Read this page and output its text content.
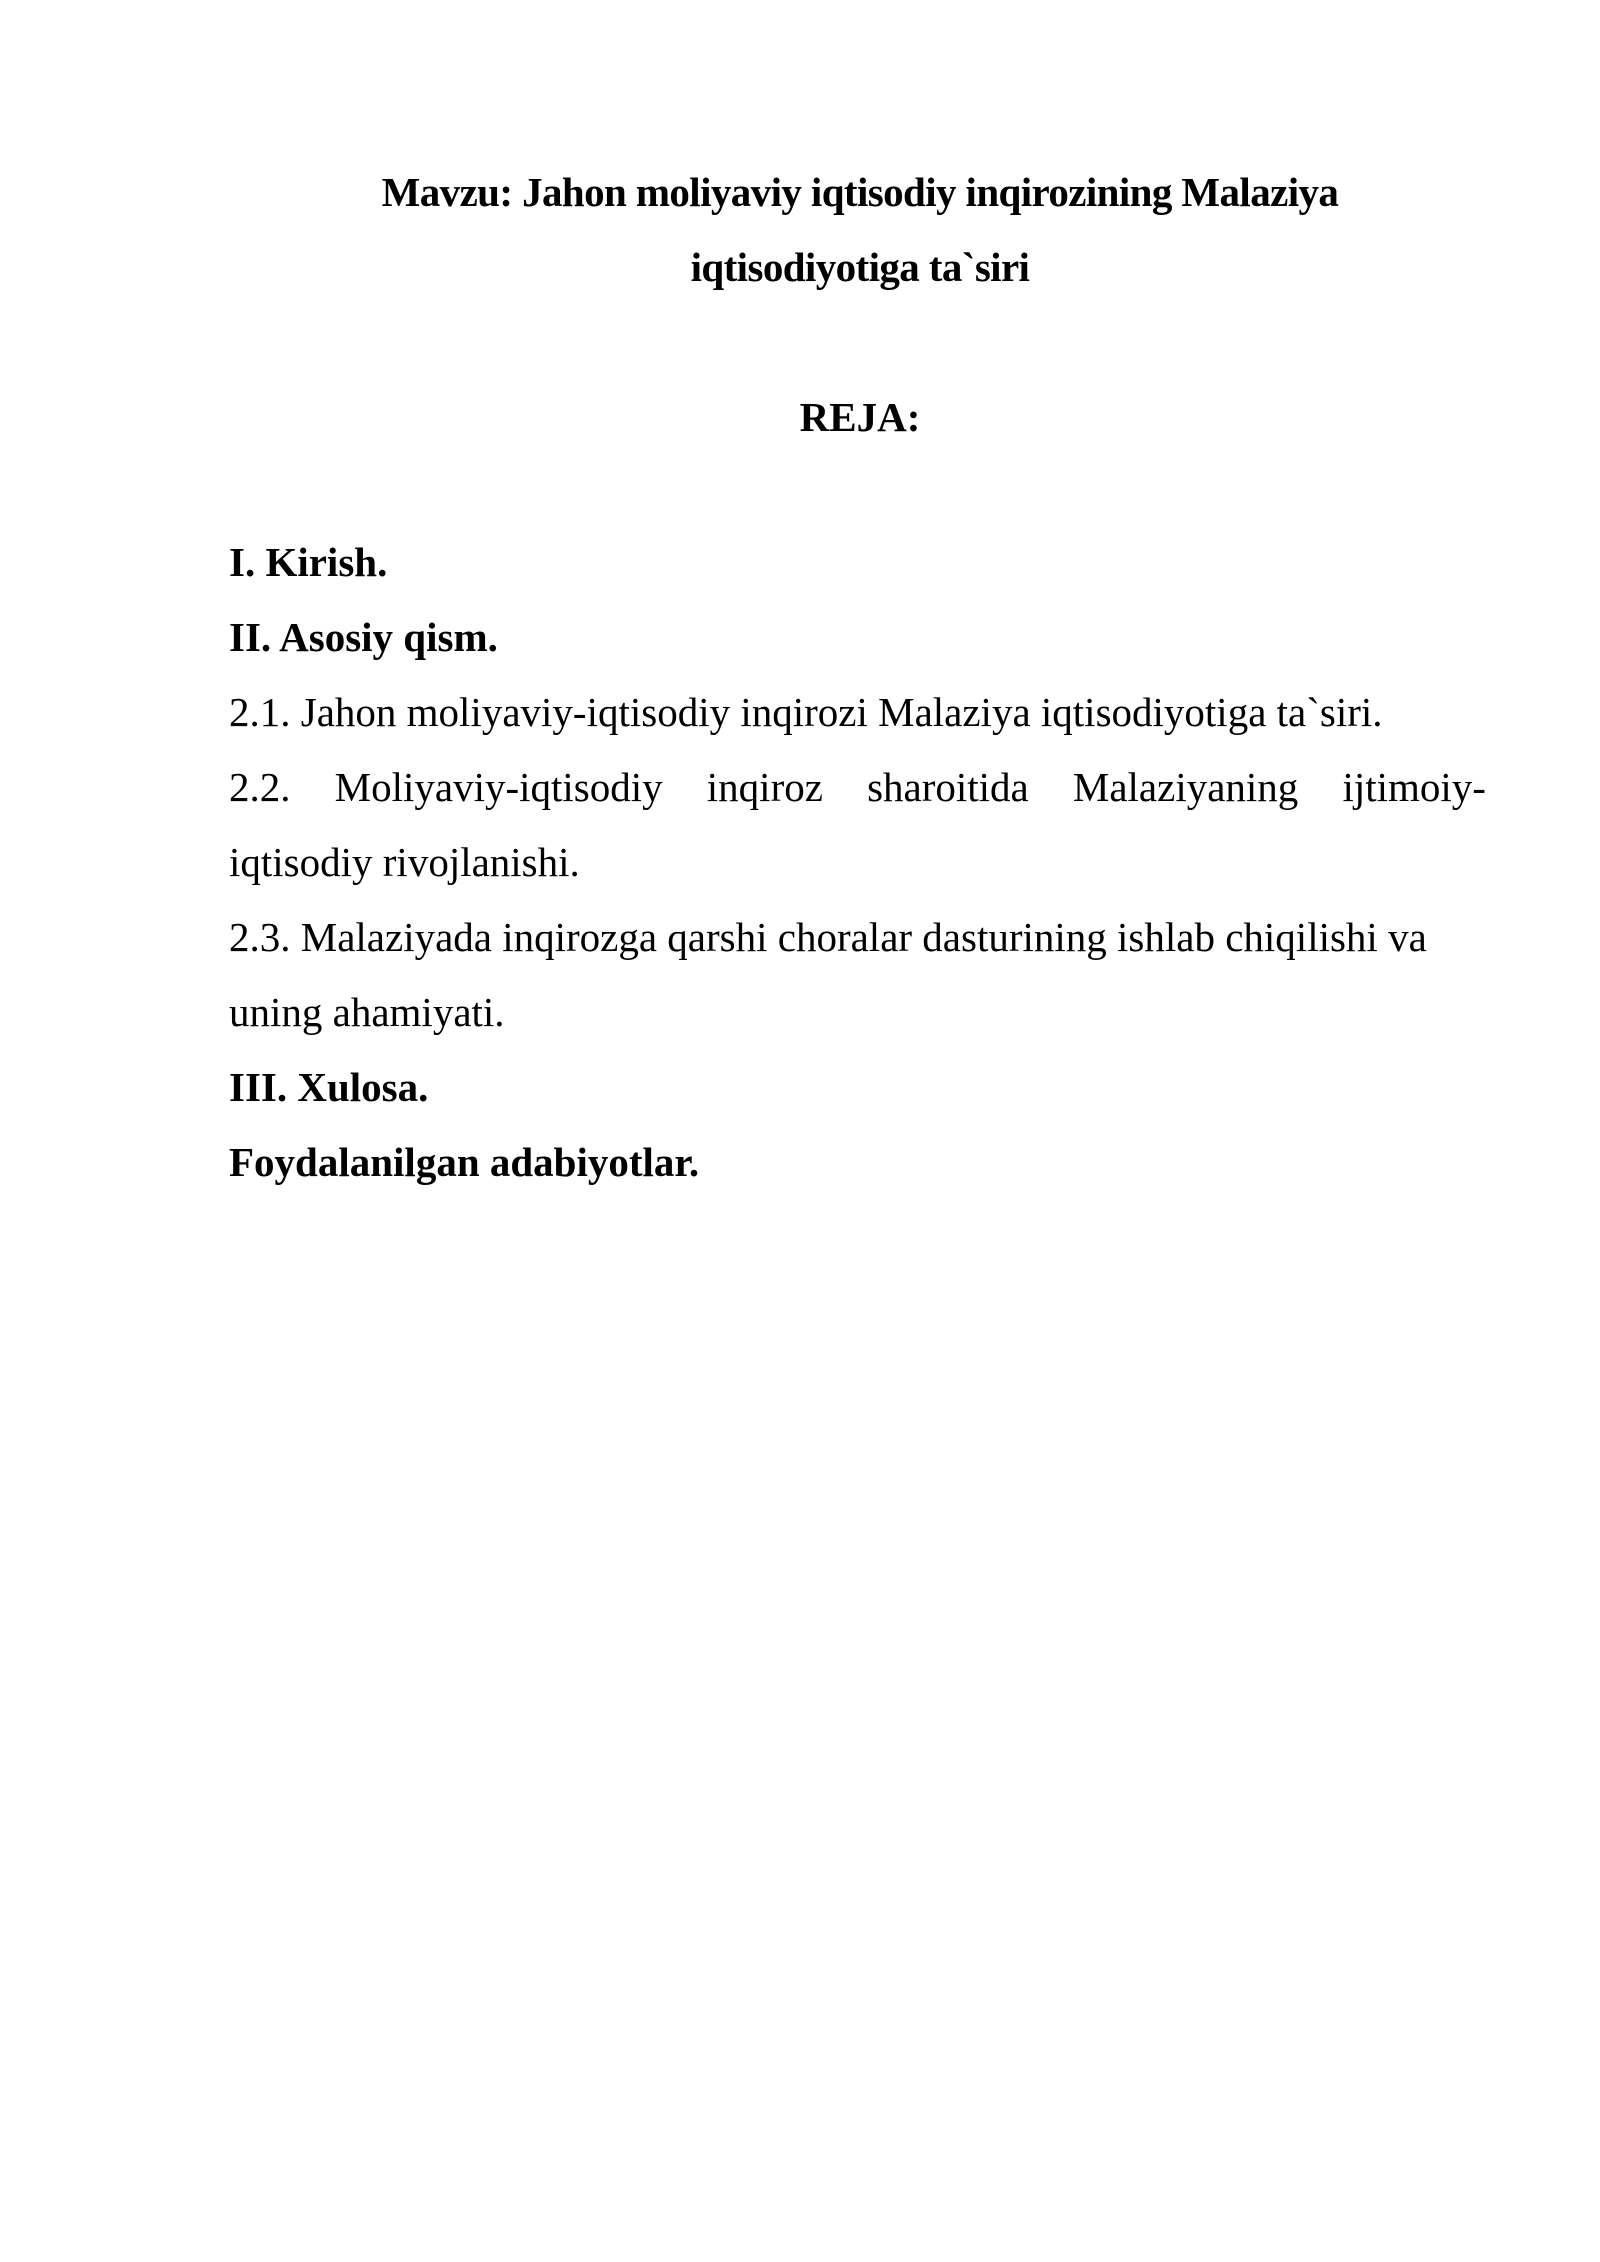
Mavzu: Jahon moliyaviy iqtisodiy inqirozining Malaziya
iqtisodiyotiga ta`siri
REJA:
I. Kirish.
II. Asosiy qism.
2.1. Jahon moliyaviy-iqtisodiy inqirozi Malaziya iqtisodiyotiga ta`siri.
2.2. Moliyaviy-iqtisodiy inqiroz sharoitida Malaziyaning ijtimoiy-
iqtisodiy rivojlanishi.
2.3. Malaziyada inqirozga qarshi choralar dasturining ishlab chiqilishi va
uning ahamiyati.
III. Xulosa.
Foydalanilgan adabiyotlar.
